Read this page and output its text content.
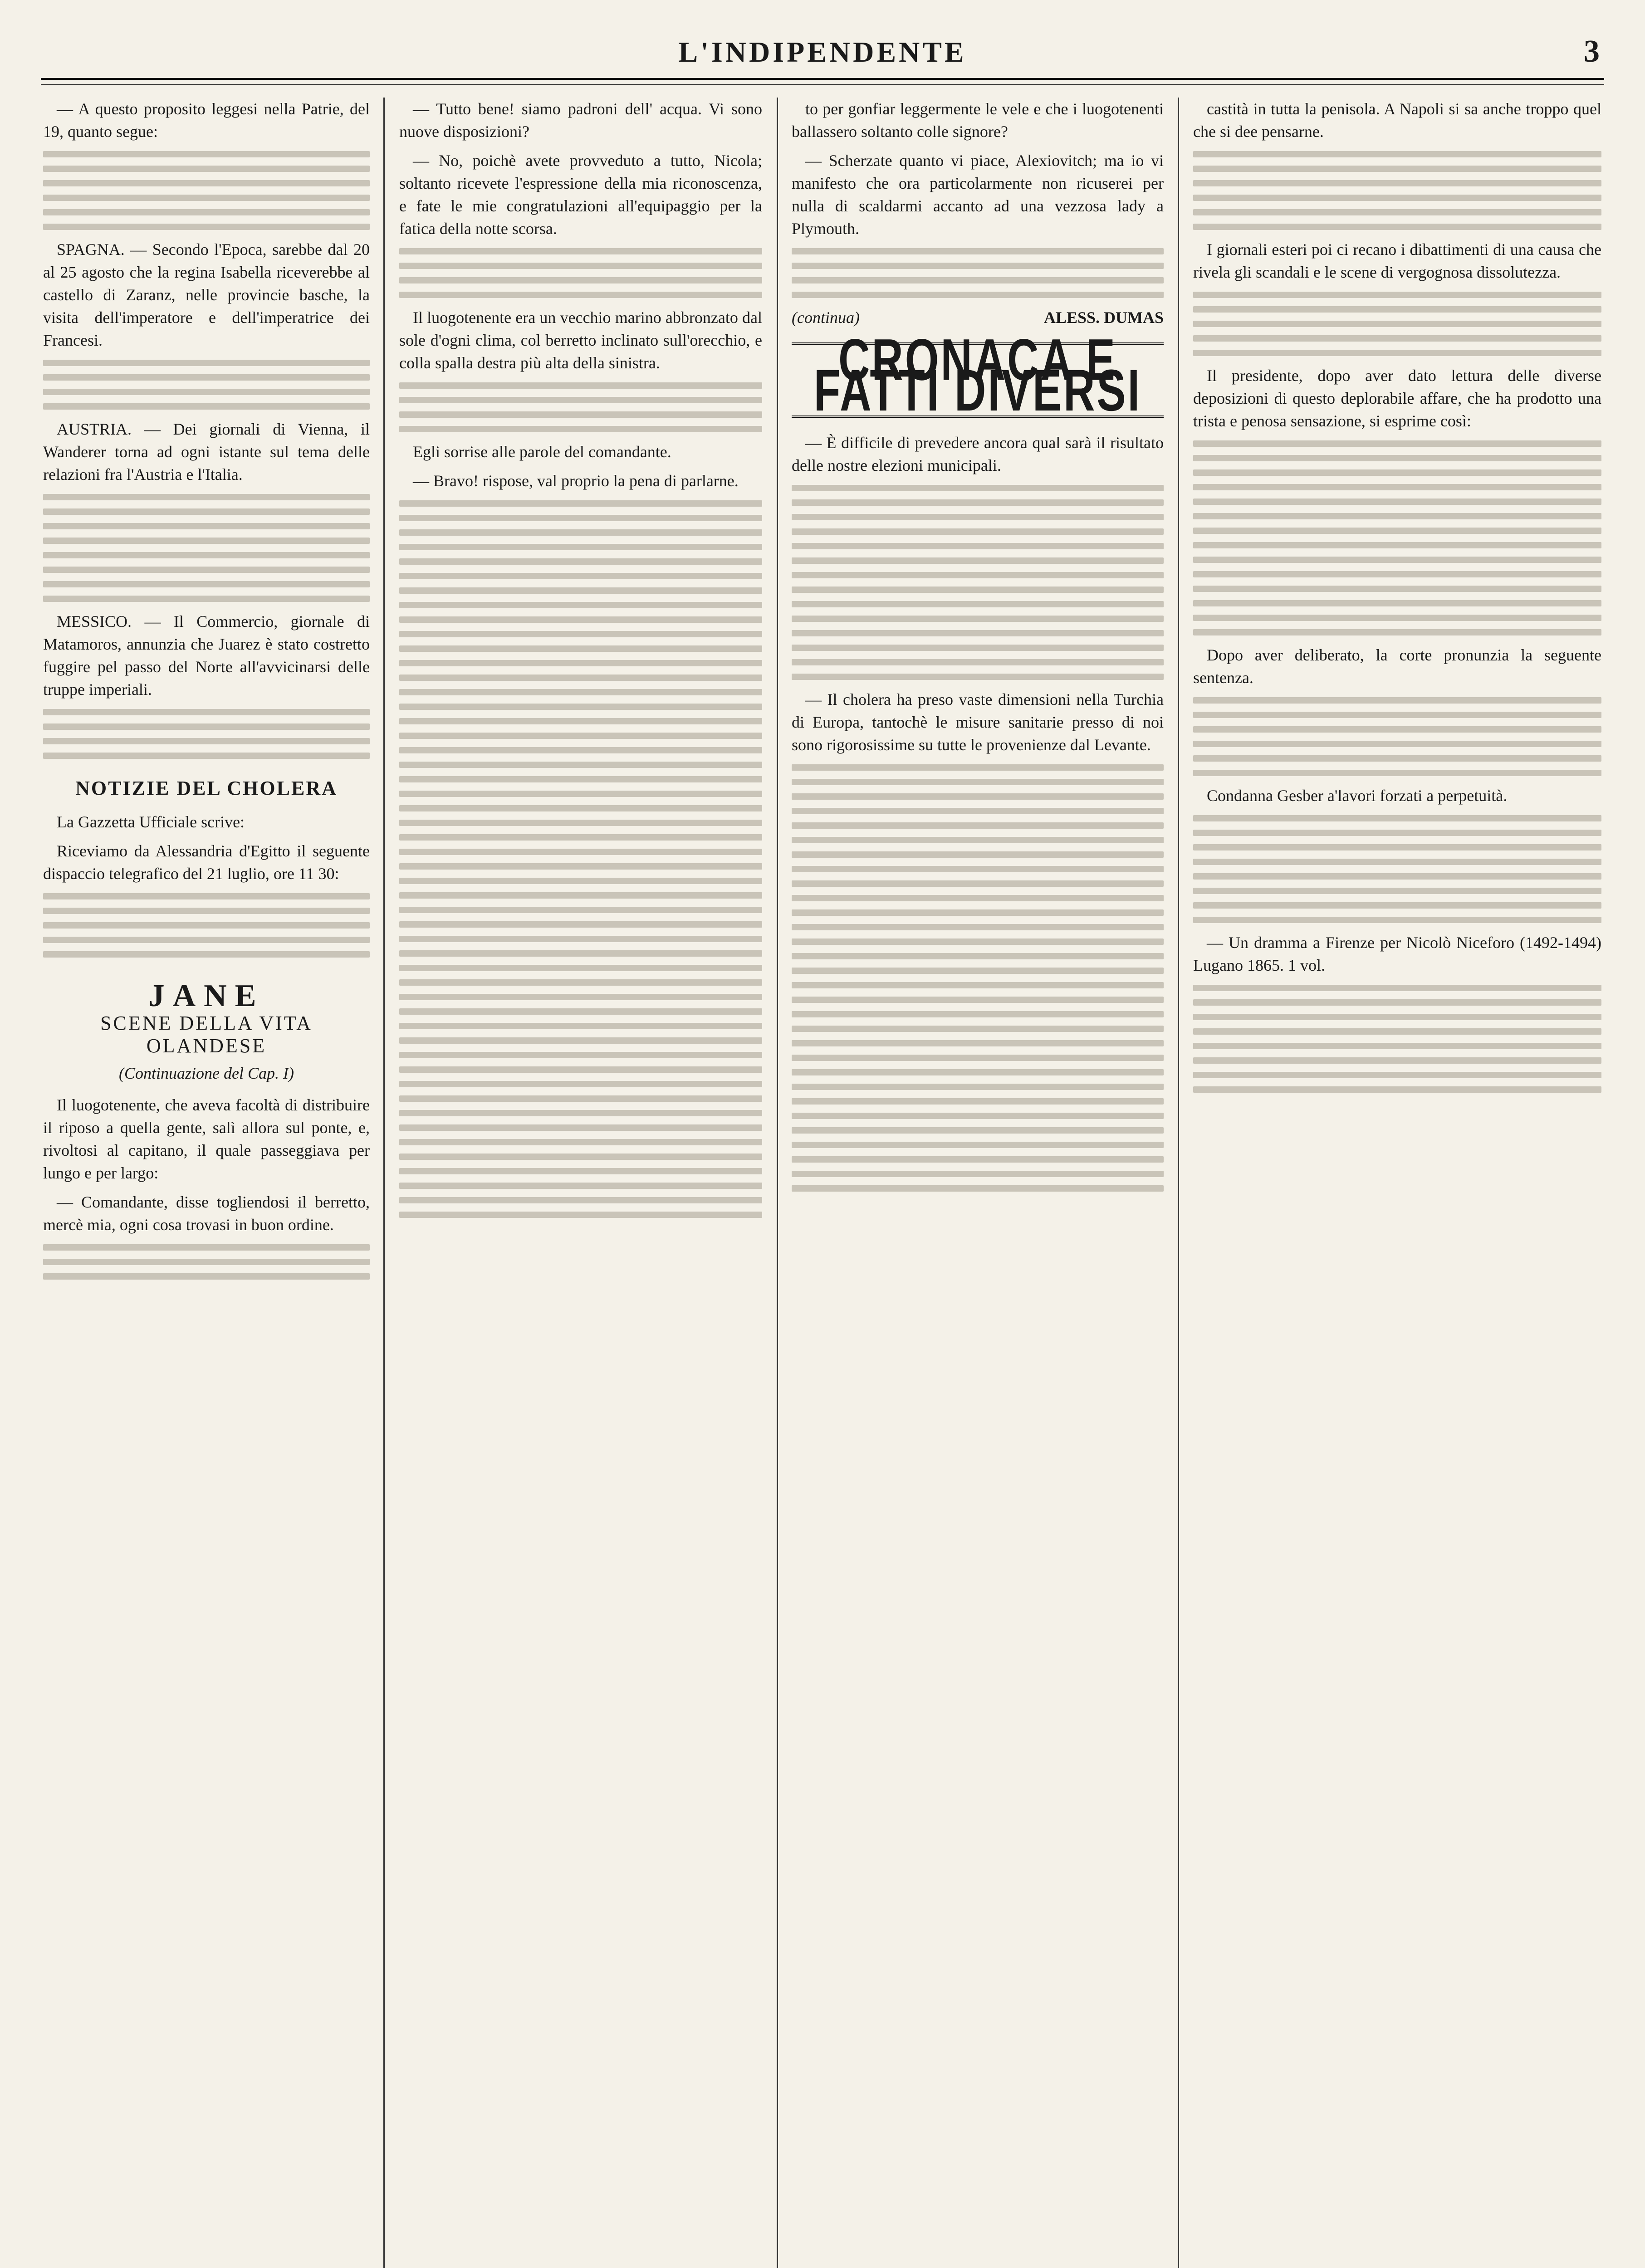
L'INDIPENDENTE	3

— A questo proposito leggesi nella Patrie, del 19, quanto segue:

SPAGNA. — Secondo l'Epoca, sarebbe dal 20 al 25 agosto che la regina Isabella riceverebbe al castello di Zaranz, nelle provincie basche, la visita dell'imperatore e dell'imperatrice dei Francesi.

AUSTRIA. — Dei giornali di Vienna, il Wanderer torna ad ogni istante sul tema delle relazioni fra l'Austria e l'Italia.

MESSICO. — Il Commercio, giornale di Matamoros, annunzia che Juarez è stato costretto fuggire pel passo del Norte all'avvicinarsi delle truppe imperiali.

NOTIZIE DEL CHOLERA

La Gazzetta Ufficiale scrive:

Riceviamo da Alessandria d'Egitto il seguente dispaccio telegrafico del 21 luglio, ore 11 30:

JANE
SCENE DELLA VITA OLANDESE
(Continuazione del Cap. I)

Il luogotenente, che aveva facoltà di distribuire il riposo a quella gente, salì allora sul ponte, e, rivoltosi al capitano, il quale passeggiava per lungo e per largo:

— Comandante, disse togliendosi il berretto, mercè mia, ogni cosa trovasi in buon ordine.

— Tutto bene! siamo padroni dell' acqua. Vi sono nuove disposizioni?

— No, poichè avete provveduto a tutto, Nicola; soltanto ricevete l'espressione della mia riconoscenza, e fate le mie congratulazioni all'equipaggio per la fatica della notte scorsa.

Il luogotenente era un vecchio marino abbronzato dal sole d'ogni clima, col berretto inclinato sull'orecchio, e colla spalla destra più alta della sinistra.

Egli sorrise alle parole del comandante.

— Bravo! rispose, val proprio la pena di parlarne.

to per gonfiar leggermente le vele e che i luogotenenti ballassero soltanto colle signore?

— Scherzate quanto vi piace, Alexiovitch; ma io vi manifesto che ora particolarmente non ricuserei per nulla di scaldarmi accanto ad una vezzosa lady a Plymouth.

(continua)	ALESS. DUMAS
CRONACA E FATTI DIVERSI

— È difficile di prevedere ancora qual sarà il risultato delle nostre elezioni municipali.

— Il cholera ha preso vaste dimensioni nella Turchia di Europa, tantochè le misure sanitarie presso di noi sono rigorosissime su tutte le provenienze dal Levante.

castità in tutta la penisola. A Napoli si sa anche troppo quel che si dee pensarne.

I giornali esteri poi ci recano i dibattimenti di una causa che rivela gli scandali e le scene di vergognosa dissolutezza.

Il presidente, dopo aver dato lettura delle diverse deposizioni di questo deplorabile affare, che ha prodotto una trista e penosa sensazione, si esprime così:

Dopo aver deliberato, la corte pronunzia la seguente sentenza.

Condanna Gesber a'lavori forzati a perpetuità.

— Un dramma a Firenze per Nicolò Niceforo (1492-1494) Lugano 1865. 1 vol.
